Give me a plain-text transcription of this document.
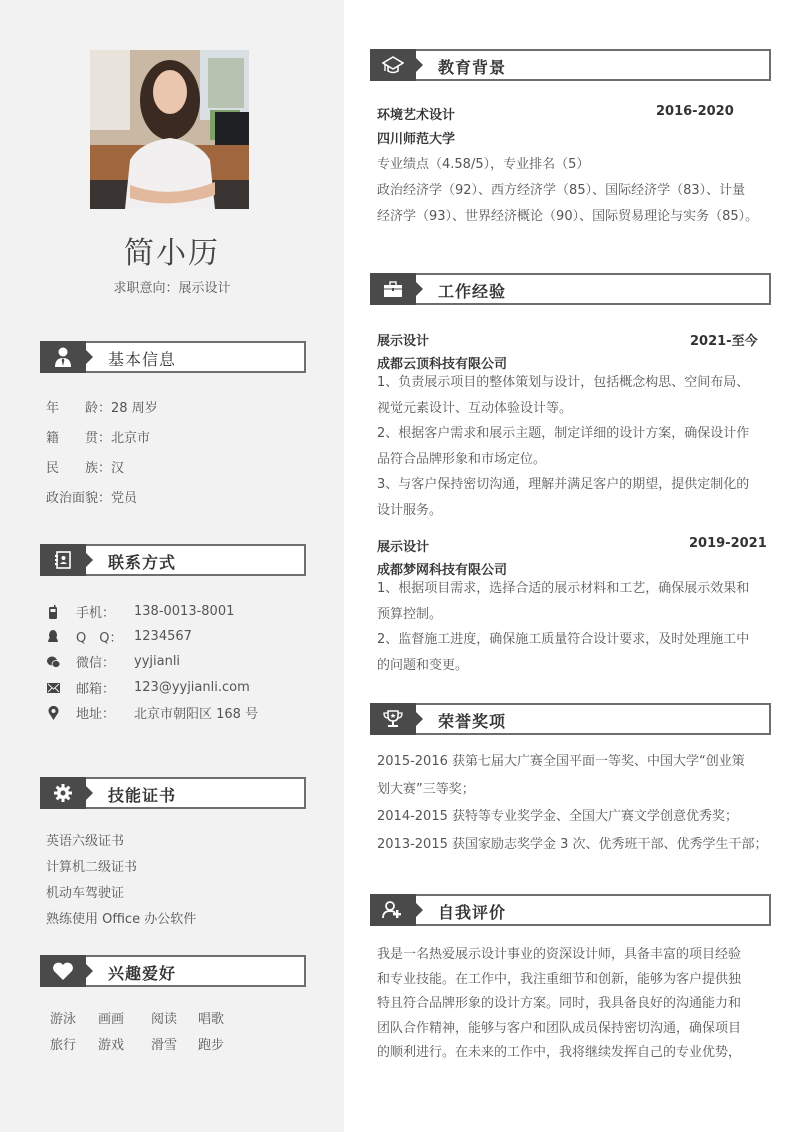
简小历
求职意向：展示设计
基本信息
年　　龄：28 周岁
籍　　贯：北京市
民　　族：汉
政治面貌：党员
联系方式
手机：	138-0013-8001
Q　Q： 1234567
微信：	yyjianli
邮箱：	123@yyjianli.com
地址：	北京市朝阳区 168 号
技能证书
英语六级证书
计算机二级证书
机动车驾驶证
熟练使用 Office 办公软件
兴趣爱好
游泳 画画 阅读 唱歌
旅行 游戏 滑雪 跑步
教育背景
环境艺术设计	2016-2020
四川师范大学
专业绩点（4.58/5），专业排名（5）
政治经济学（92）、西方经济学（85）、国际经济学（83）、计量
经济学（93）、世界经济概论（90）、国际贸易理论与实务（85）。
工作经验
展示设计	2021-至今
成都云顶科技有限公司
1、负责展示项目的整体策划与设计，包括概念构思、空间布局、
视觉元素设计、互动体验设计等。
2、根据客户需求和展示主题，制定详细的设计方案，确保设计作
品符合品牌形象和市场定位。
3、与客户保持密切沟通，理解并满足客户的期望，提供定制化的
设计服务。
展示设计	2019-2021
成都梦网科技有限公司
1、根据项目需求，选择合适的展示材料和工艺，确保展示效果和
预算控制。
2、监督施工进度，确保施工质量符合设计要求，及时处理施工中
的问题和变更。
荣誉奖项
2015-2016 获第七届大广赛全国平面一等奖、中国大学“创业策
划大赛”三等奖；
2014-2015 获特等专业奖学金、全国大广赛文学创意优秀奖；
2013-2015 获国家励志奖学金 3 次、优秀班干部、优秀学生干部；
自我评价
我是一名热爱展示设计事业的资深设计师，具备丰富的项目经验
和专业技能。在工作中，我注重细节和创新，能够为客户提供独
特且符合品牌形象的设计方案。同时，我具备良好的沟通能力和
团队合作精神，能够与客户和团队成员保持密切沟通，确保项目
的顺利进行。在未来的工作中，我将继续发挥自己的专业优势，
